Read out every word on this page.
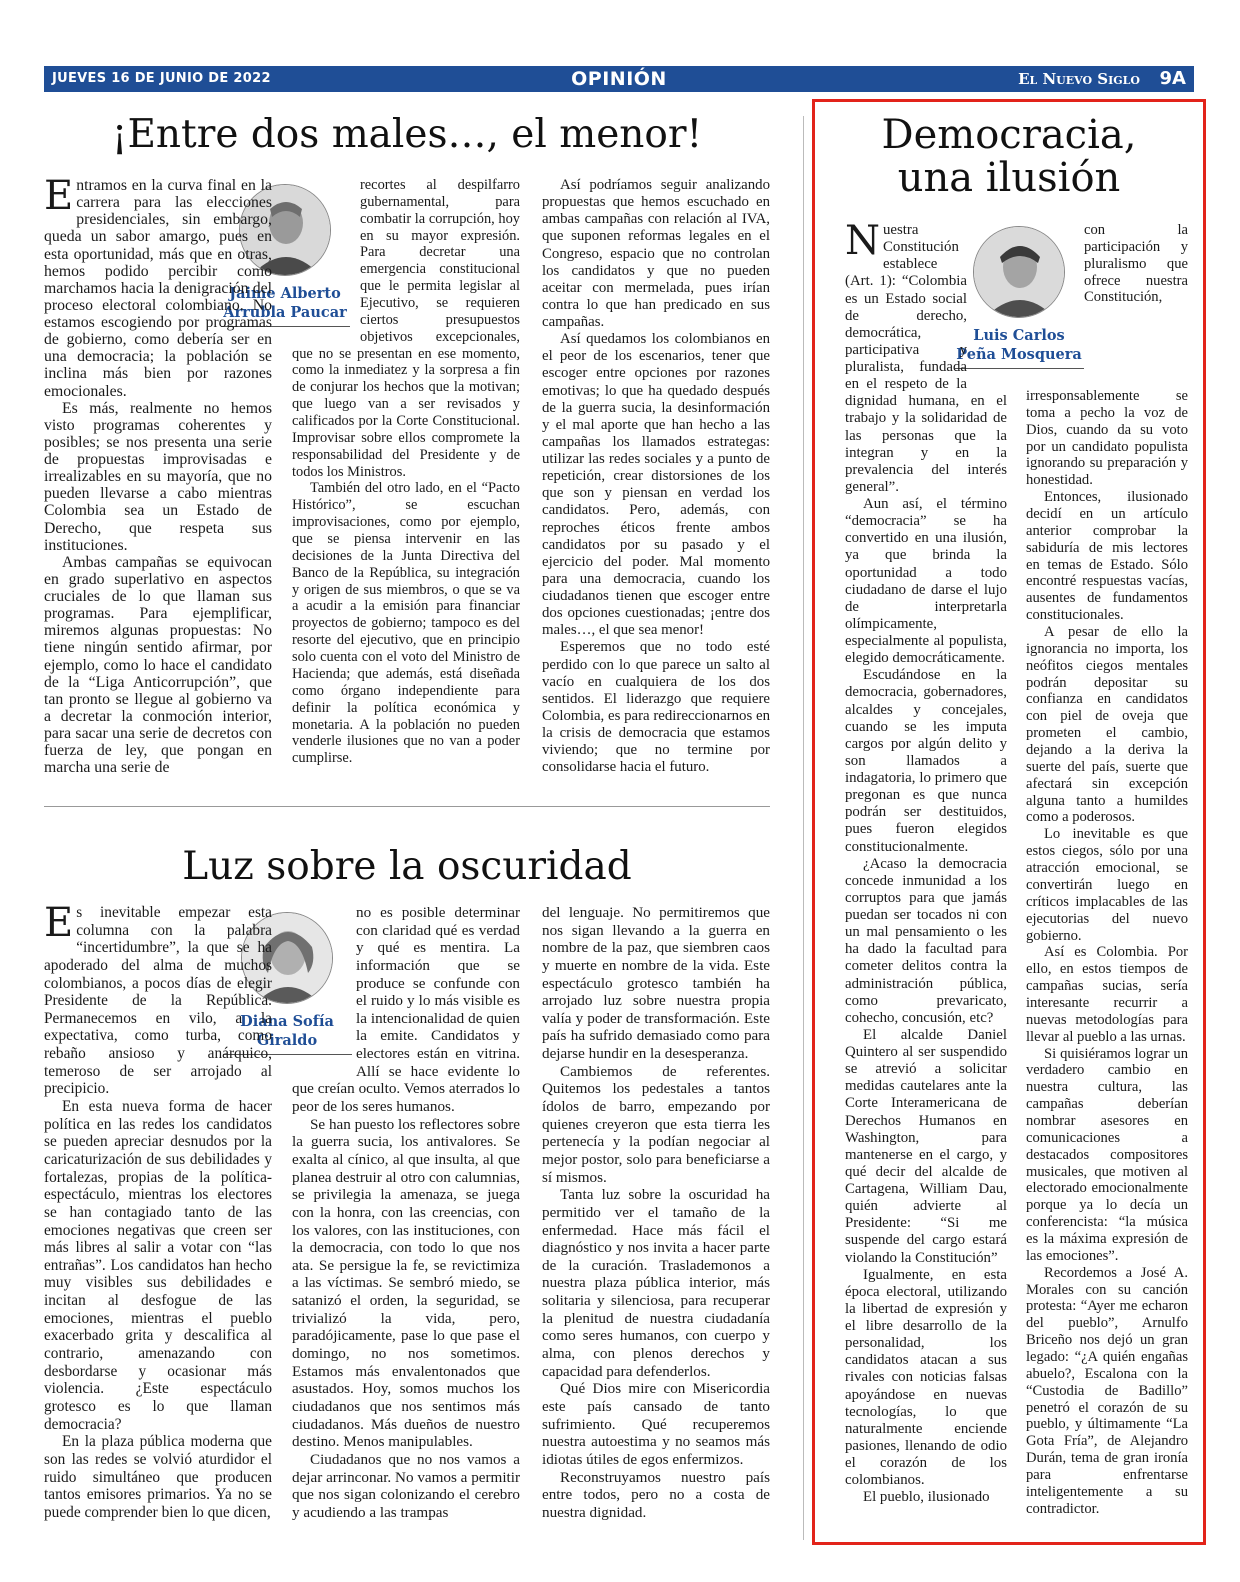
JUEVES 16 DE JUNIO DE 2022	OPINIÓN	El Nuevo Siglo 9A
¡Entre dos males…, el menor!
Jaime Alberto
Arrubla Paucar

Entramos en la curva final en la carrera para las elecciones presidenciales, sin embargo, queda un sabor amargo, pues en esta oportunidad, más que en otras, hemos podido percibir como marchamos hacia la denigración del proceso electoral colombiano. No estamos escogiendo por programas de gobierno, como debería ser en una democracia; la población se inclina más bien por razones emocionales.

Es más, realmente no hemos visto programas coherentes y posibles; se nos presenta una serie de propuestas improvisadas e irrealizables en su mayoría, que no pueden llevarse a cabo mientras Colombia sea un Estado de Derecho, que respeta sus instituciones.

Ambas campañas se equivocan en grado superlativo en aspectos cruciales de lo que llaman sus programas. Para ejemplificar, miremos algunas propuestas: No tiene ningún sentido afirmar, por ejemplo, como lo hace el candidato de la “Liga Anticorrupción”, que tan pronto se llegue al gobierno va a decretar la conmoción interior, para sacar una serie de decretos con fuerza de ley, que pongan en marcha una serie de

recortes al despilfarro gubernamental, para combatir la corrupción, hoy en su mayor expresión. Para decretar una emergencia constitucional que le permita legislar al Ejecutivo, se requieren ciertos presupuestos objetivos excepcionales, que no se presentan en ese momento, como la inmediatez y la sorpresa a fin de conjurar los hechos que la motivan; que luego van a ser revisados y calificados por la Corte Constitucional. Improvisar sobre ellos compromete la responsabilidad del Presidente y de todos los Ministros.

También del otro lado, en el “Pacto Histórico”, se escuchan improvisaciones, como por ejemplo, que se piensa intervenir en las decisiones de la Junta Directiva del Banco de la República, su integración y origen de sus miembros, o que se va a acudir a la emisión para financiar proyectos de gobierno; tampoco es del resorte del ejecutivo, que en principio solo cuenta con el voto del Ministro de Hacienda; que además, está diseñada como órgano independiente para definir la política económica y monetaria. A la población no pueden venderle ilusiones que no van a poder cumplirse.

Así podríamos seguir analizando propuestas que hemos escuchado en ambas campañas con relación al IVA, que suponen reformas legales en el Congreso, espacio que no controlan los candidatos y que no pueden aceitar con mermelada, pues irían contra lo que han predicado en sus campañas.

Así quedamos los colombianos en el peor de los escenarios, tener que escoger entre opciones por razones emotivas; lo que ha quedado después de la guerra sucia, la desinformación y el mal aporte que han hecho a las campañas los llamados estrategas: utilizar las redes sociales y a punto de repetición, crear distorsiones de los que son y piensan en verdad los candidatos. Pero, además, con reproches éticos frente ambos candidatos por su pasado y el ejercicio del poder. Mal momento para una democracia, cuando los ciudadanos tienen que escoger entre dos opciones cuestionadas; ¡entre dos males…, el que sea menor!

Esperemos que no todo esté perdido con lo que parece un salto al vacío en cualquiera de los dos sentidos. El liderazgo que requiere Colombia, es para redireccionarnos en la crisis de democracia que estamos viviendo; que no termine por consolidarse hacia el futuro.

Luz sobre la oscuridad
Diana Sofía
Giraldo

Es inevitable empezar esta columna con la palabra “incertidumbre”, la que se ha apoderado del alma de muchos colombianos, a pocos días de elegir Presidente de la República. Permanecemos en vilo, a la expectativa, como turba, como rebaño ansioso y anárquico, temeroso de ser arrojado al precipicio.

En esta nueva forma de hacer política en las redes los candidatos se pueden apreciar desnudos por la caricaturización de sus debilidades y fortalezas, propias de la política-espectáculo, mientras los electores se han contagiado tanto de las emociones negativas que creen ser más libres al salir a votar con “las entrañas”. Los candidatos han hecho muy visibles sus debilidades e incitan al desfogue de las emociones, mientras el pueblo exacerbado grita y descalifica al contrario, amenazando con desbordarse y ocasionar más violencia. ¿Este espectáculo grotesco es lo que llaman democracia?

En la plaza pública moderna que son las redes se volvió aturdidor el ruido simultáneo que producen tantos emisores primarios. Ya no se puede comprender bien lo que dicen,

no es posible determinar con claridad qué es verdad y qué es mentira. La información que se produce se confunde con el ruido y lo más visible es la intencionalidad de quien la emite. Candidatos y electores están en vitrina. Allí se hace evidente lo que creían oculto. Vemos aterrados lo peor de los seres humanos.

Se han puesto los reflectores sobre la guerra sucia, los antivalores. Se exalta al cínico, al que insulta, al que planea destruir al otro con calumnias, se privilegia la amenaza, se juega con la honra, con las creencias, con los valores, con las instituciones, con la democracia, con todo lo que nos ata. Se persigue la fe, se revictimiza a las víctimas. Se sembró miedo, se satanizó el orden, la seguridad, se trivializó la vida, pero, paradójicamente, pase lo que pase el domingo, no nos sometimos. Estamos más envalentonados que asustados. Hoy, somos muchos los ciudadanos que nos sentimos más ciudadanos. Más dueños de nuestro destino. Menos manipulables.

Ciudadanos que no nos vamos a dejar arrinconar. No vamos a permitir que nos sigan colonizando el cerebro y acudiendo a las trampas

del lenguaje. No permitiremos que nos sigan llevando a la guerra en nombre de la paz, que siembren caos y muerte en nombre de la vida. Este espectáculo grotesco también ha arrojado luz sobre nuestra propia valía y poder de transformación. Este país ha sufrido demasiado como para dejarse hundir en la desesperanza.

Cambiemos de referentes. Quitemos los pedestales a tantos ídolos de barro, empezando por quienes creyeron que esta tierra les pertenecía y la podían negociar al mejor postor, solo para beneficiarse a sí mismos.

Tanta luz sobre la oscuridad ha permitido ver el tamaño de la enfermedad. Hace más fácil el diagnóstico y nos invita a hacer parte de la curación. Traslademonos a nuestra plaza pública interior, más solitaria y silenciosa, para recuperar la plenitud de nuestra ciudadanía como seres humanos, con cuerpo y alma, con plenos derechos y capacidad para defenderlos.

Qué Dios mire con Misericordia este país cansado de tanto sufrimiento. Qué recuperemos nuestra autoestima y no seamos más idiotas útiles de egos enfermizos.

Reconstruyamos nuestro país entre todos, pero no a costa de nuestra dignidad.

Democracia,
una ilusión
Luis Carlos
Peña Mosquera

Nuestra Constitución establece (Art. 1): “Colombia es un Estado social de derecho, democrática, participativa y pluralista, fundada en el respeto de la dignidad humana, en el trabajo y la solidaridad de las personas que la integran y en la prevalencia del interés general”.

Aun así, el término “democracia” se ha convertido en una ilusión, ya que brinda la oportunidad a todo ciudadano de darse el lujo de interpretarla olímpicamente, especialmente al populista, elegido democráticamente.

Escudándose en la democracia, gobernadores, alcaldes y concejales, cuando se les imputa cargos por algún delito y son llamados a indagatoria, lo primero que pregonan es que nunca podrán ser destituidos, pues fueron elegidos constitucionalmente.

¿Acaso la democracia concede inmunidad a los corruptos para que jamás puedan ser tocados ni con un mal pensamiento o les ha dado la facultad para cometer delitos contra la administración pública, como prevaricato, cohecho, concusión, etc?

El alcalde Daniel Quintero al ser suspendido se atrevió a solicitar medidas cautelares ante la Corte Interamericana de Derechos Humanos en Washington, para mantenerse en el cargo, y qué decir del alcalde de Cartagena, William Dau, quién advierte al Presidente: “Si me suspende del cargo estará violando la Constitución”

Igualmente, en esta época electoral, utilizando la libertad de expresión y el libre desarrollo de la personalidad, los candidatos atacan a sus rivales con noticias falsas apoyándose en nuevas tecnologías, lo que naturalmente enciende pasiones, llenando de odio el corazón de los colombianos.

El pueblo, ilusionado

con la participación y pluralismo que ofrece nuestra Constitución, irresponsablemente se toma a pecho la voz de Dios, cuando da su voto por un candidato populista ignorando su preparación y honestidad.

Entonces, ilusionado decidí en un artículo anterior comprobar la sabiduría de mis lectores en temas de Estado. Sólo encontré respuestas vacías, ausentes de fundamentos constitucionales.

A pesar de ello la ignorancia no importa, los neófitos ciegos mentales podrán depositar su confianza en candidatos con piel de oveja que prometen el cambio, dejando a la deriva la suerte del país, suerte que afectará sin excepción alguna tanto a humildes como a poderosos.

Lo inevitable es que estos ciegos, sólo por una atracción emocional, se convertirán luego en críticos implacables de las ejecutorias del nuevo gobierno.

Así es Colombia. Por ello, en estos tiempos de campañas sucias, sería interesante recurrir a nuevas metodologías para llevar al pueblo a las urnas.

Si quisiéramos lograr un verdadero cambio en nuestra cultura, las campañas deberían nombrar asesores en comunicaciones a destacados compositores musicales, que motiven al electorado emocionalmente porque ya lo decía un conferencista: “la música es la máxima expresión de las emociones”.

Recordemos a José A. Morales con su canción protesta: “Ayer me echaron del pueblo”, Arnulfo Briceño nos dejó un gran legado: “¿A quién engañas abuelo?, Escalona con la “Custodia de Badillo” penetró el corazón de su pueblo, y últimamente “La Gota Fría”, de Alejandro Durán, tema de gran ironía para enfrentarse inteligentemente a su contradictor.
